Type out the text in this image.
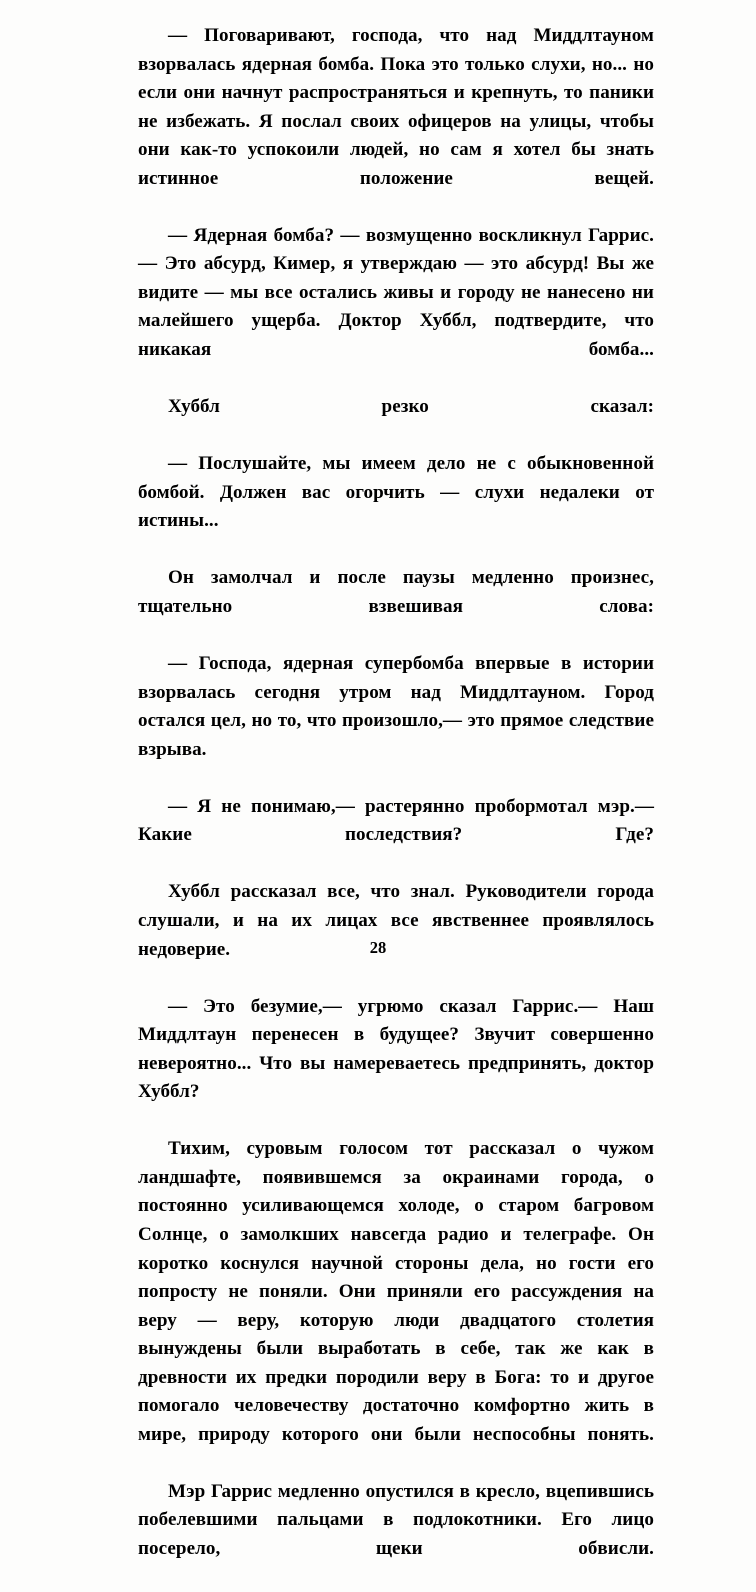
— Поговаривают, господа, что над Миддлтауном взорвалась ядерная бомба. Пока это только слухи, но... но если они начнут распространяться и крепнуть, то паники не избежать. Я послал своих офицеров на улицы, чтобы они как-то успокоили людей, но сам я хотел бы знать истинное положение вещей.

— Ядерная бомба? — возмущенно воскликнул Гаррис.— Это абсурд, Кимер, я утверждаю — это абсурд! Вы же видите — мы все остались живы и городу не нанесено ни малейшего ущерба. Доктор Хуббл, подтвердите, что никакая бомба...

Хуббл резко сказал:

— Послушайте, мы имеем дело не с обыкновенной бомбой. Должен вас огорчить — слухи недалеки от истины...

Он замолчал и после паузы медленно произнес, тщательно взвешивая слова:

— Господа, ядерная супербомба впервые в истории взорвалась сегодня утром над Миддлтауном. Город остался цел, но то, что произошло,— это прямое следствие взрыва.

— Я не понимаю,— растерянно пробормотал мэр.— Какие последствия? Где?

Хуббл рассказал все, что знал. Руководители города слушали, и на их лицах все явственнее проявлялось недоверие.

— Это безумие,— угрюмо сказал Гаррис.— Наш Миддлтаун перенесен в будущее? Звучит совершенно невероятно... Что вы намереваетесь предпринять, доктор Хуббл?

Тихим, суровым голосом тот рассказал о чужом ландшафте, появившемся за окраинами города, о постоянно усиливающемся холоде, о старом багровом Солнце, о замолкших навсегда радио и телеграфе. Он коротко коснулся научной стороны дела, но гости его попросту не поняли. Они приняли его рассуждения на веру — веру, которую люди двадцатого столетия вынуждены были выработать в себе, так же как в древности их предки породили веру в Бога: то и другое помогало человечеству достаточно комфортно жить в мире, природу которого они были неспособны понять.

Мэр Гаррис медленно опустился в кресло, вцепившись побелевшими пальцами в подлокотники. Его лицо посерело, щеки обвисли.

28
